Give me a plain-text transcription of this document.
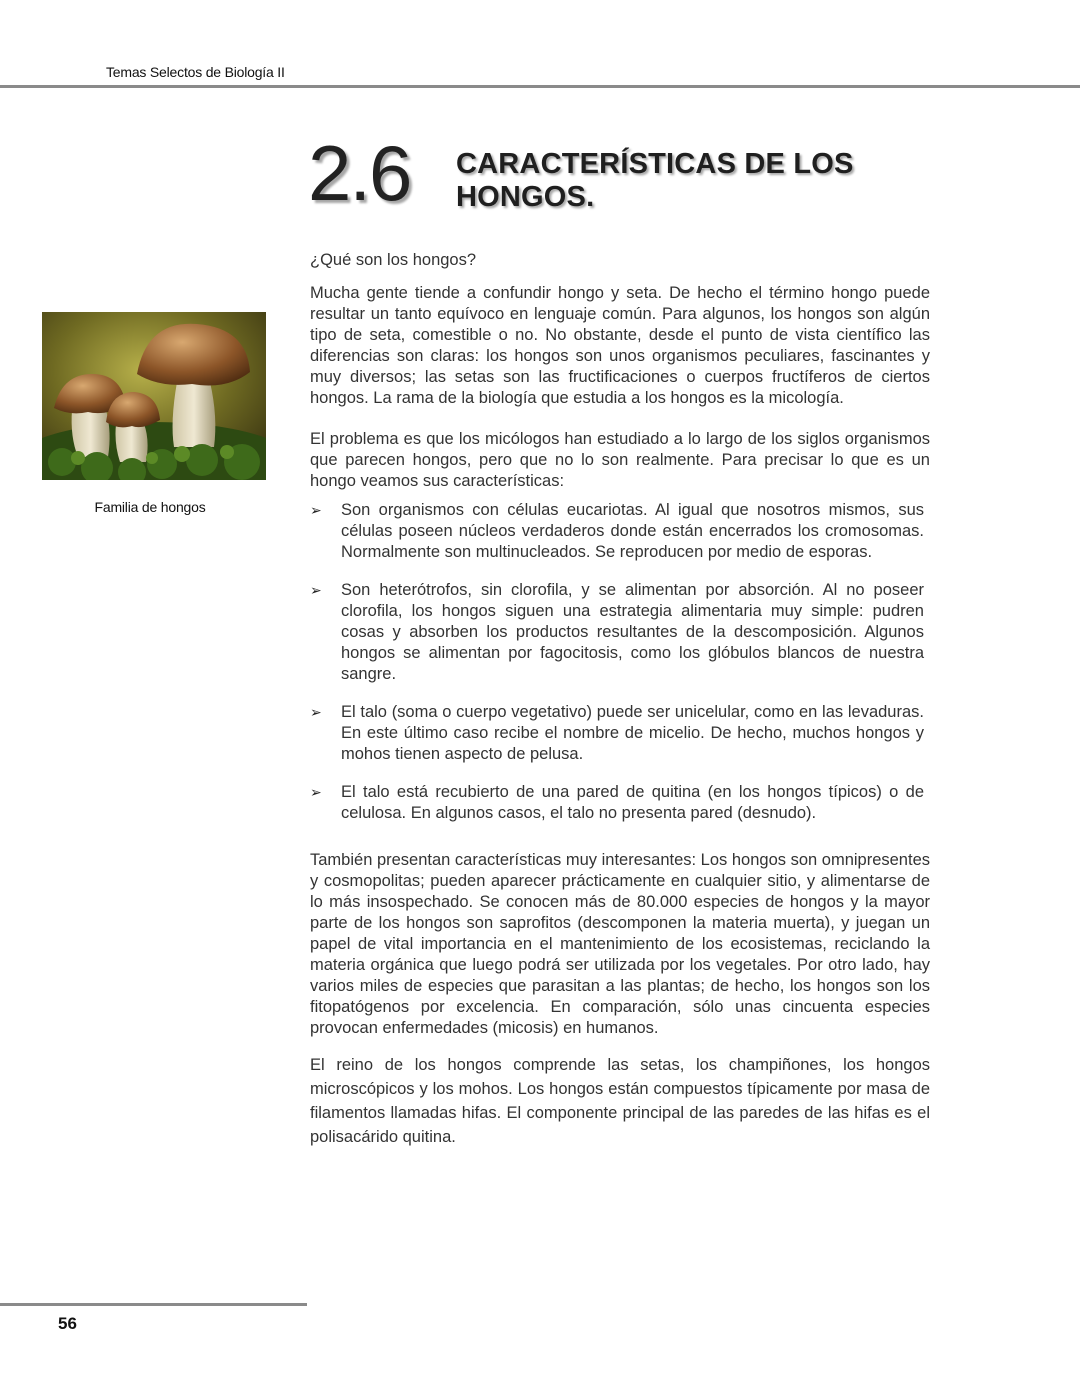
Temas Selectos de Biología II
2.6 CARACTERÍSTICAS DE LOS HONGOS.
Familia de hongos

¿Qué son los hongos?

Mucha gente tiende a confundir hongo y seta. De hecho el término hongo puede resultar un tanto equívoco en lenguaje común. Para algunos, los hongos son algún tipo de seta, comestible o no. No obstante, desde el punto de vista científico las diferencias son claras: los hongos son unos organismos peculiares, fascinantes y muy diversos; las setas son las fructificaciones o cuerpos fructíferos de ciertos hongos. La rama de la biología que estudia a los hongos es la micología.

El problema es que los micólogos han estudiado a lo largo de los siglos organismos que parecen hongos, pero que no lo son realmente. Para precisar lo que es un hongo veamos sus características:

➢ Son organismos con células eucariotas. Al igual que nosotros mismos, sus células poseen núcleos verdaderos donde están encerrados los cromosomas. Normalmente son multinucleados. Se reproducen por medio de esporas.
➢ Son heterótrofos, sin clorofila, y se alimentan por absorción. Al no poseer clorofila, los hongos siguen una estrategia alimentaria muy simple: pudren cosas y absorben los productos resultantes de la descomposición. Algunos hongos se alimentan por fagocitosis, como los glóbulos blancos de nuestra sangre.
➢ El talo (soma o cuerpo vegetativo) puede ser unicelular, como en las levaduras. En este último caso recibe el nombre de micelio. De hecho, muchos hongos y mohos tienen aspecto de pelusa.
➢ El talo está recubierto de una pared de quitina (en los hongos típicos) o de celulosa. En algunos casos, el talo no presenta pared (desnudo).

También presentan características muy interesantes: Los hongos son omnipresentes y cosmopolitas; pueden aparecer prácticamente en cualquier sitio, y alimentarse de lo más insospechado. Se conocen más de 80.000 especies de hongos y la mayor parte de los hongos son saprofitos (descomponen la materia muerta), y juegan un papel de vital importancia en el mantenimiento de los ecosistemas, reciclando la materia orgánica que luego podrá ser utilizada por los vegetales. Por otro lado, hay varios miles de especies que parasitan a las plantas; de hecho, los hongos son los fitopatógenos por excelencia. En comparación, sólo unas cincuenta especies provocan enfermedades (micosis) en humanos.

El reino de los hongos comprende las setas, los champiñones, los hongos microscópicos y los mohos. Los hongos están compuestos típicamente por masa de filamentos llamadas hifas. El componente principal de las paredes de las hifas es el polisacárido quitina.

56
